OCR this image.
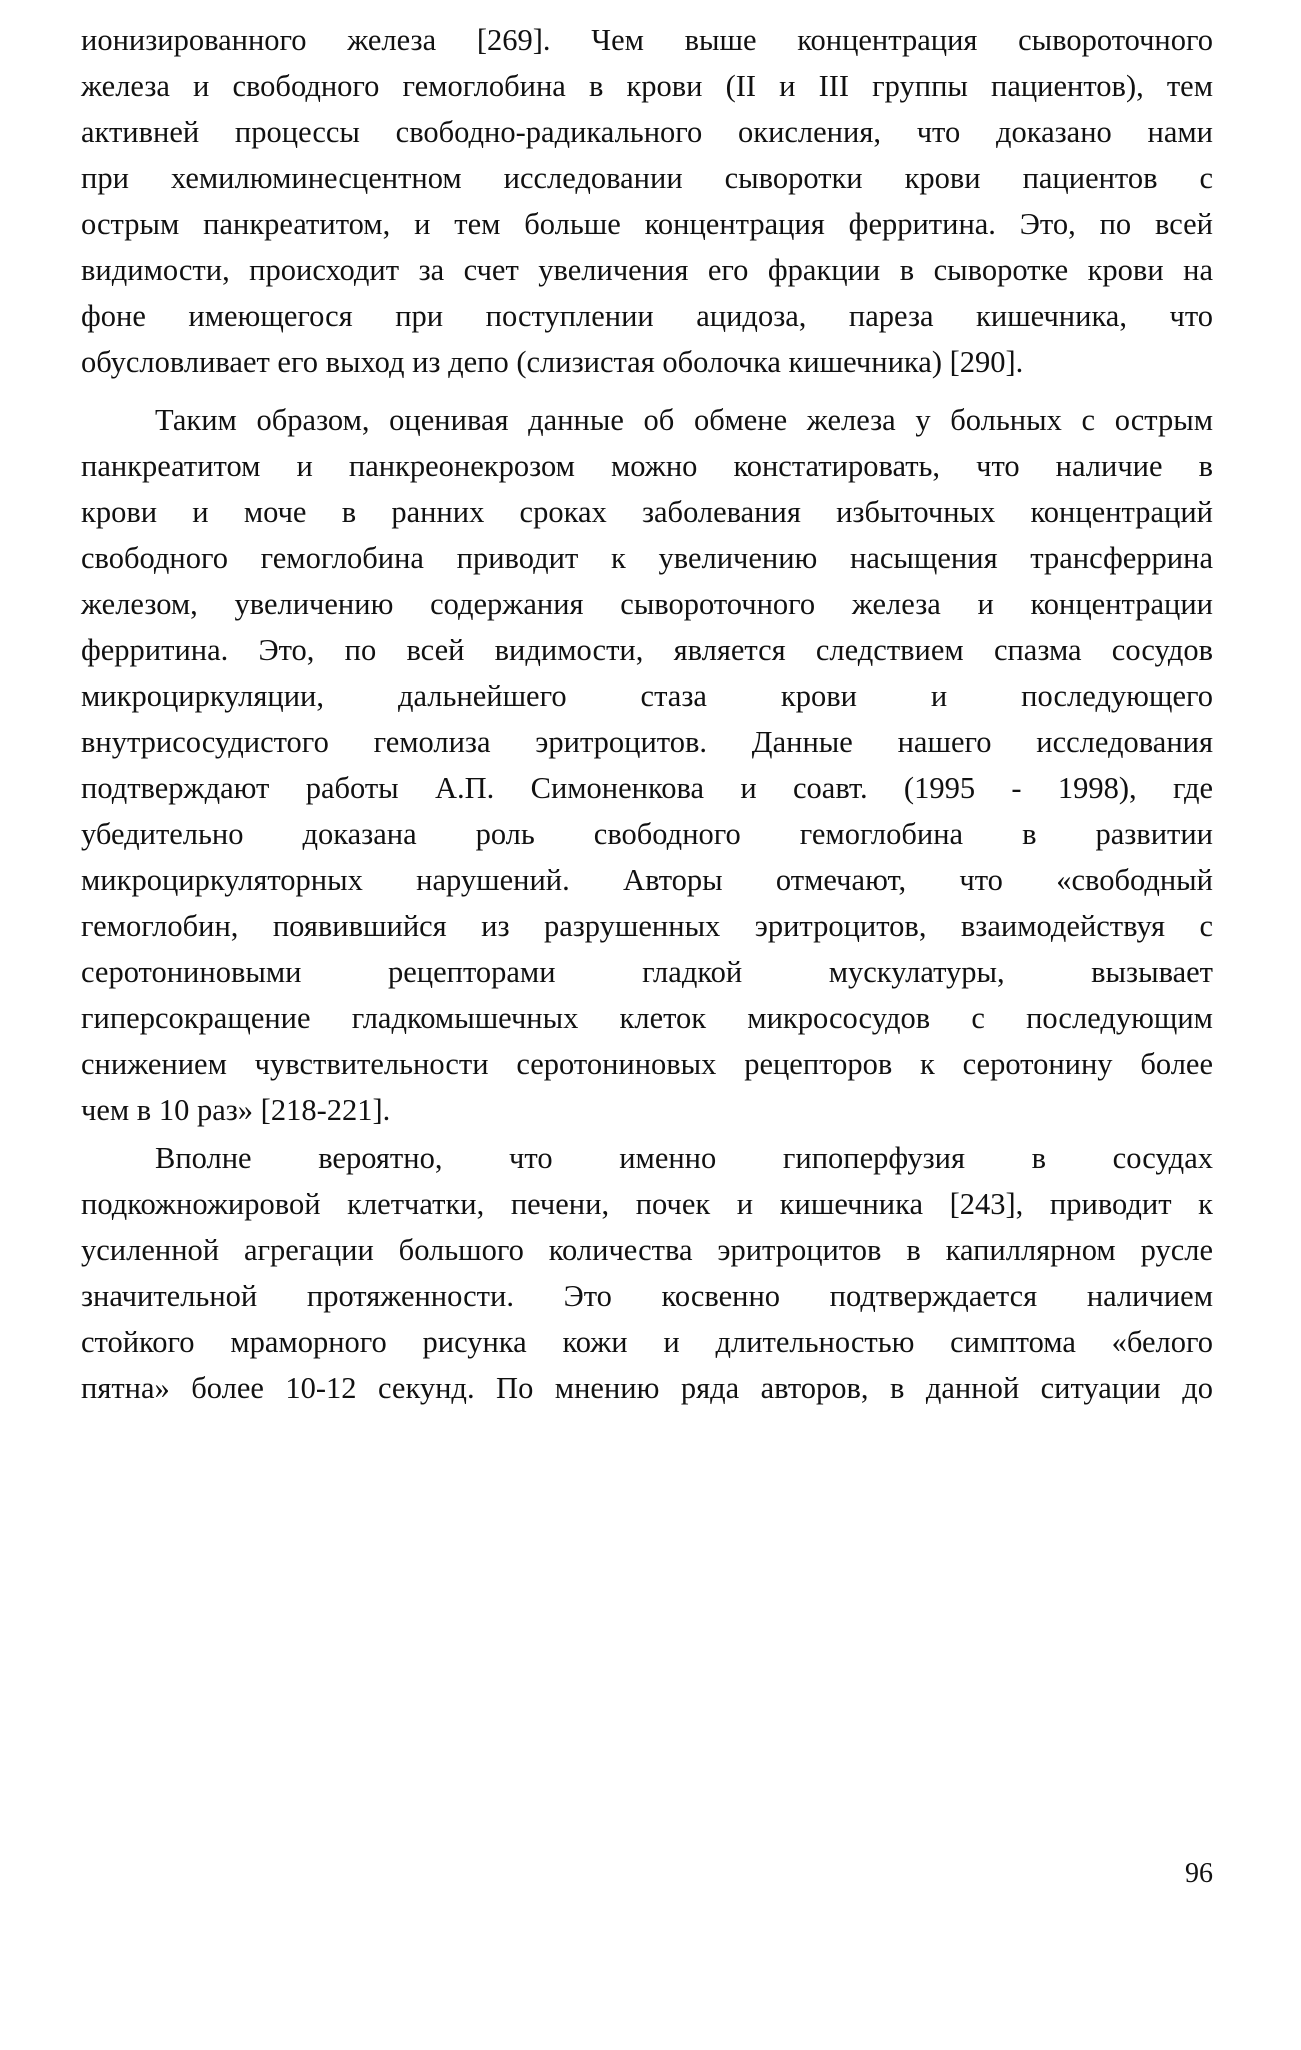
ионизированного железа [269]. Чем выше концентрация сывороточного
железа и свободного гемоглобина в крови (II и III группы пациентов), тем
активней процессы свободно-радикального окисления, что доказано нами
при хемилюминесцентном исследовании сыворотки крови пациентов с
острым панкреатитом, и тем больше концентрация ферритина. Это, по всей
видимости, происходит за счет увеличения его фракции в сыворотке крови на
фоне имеющегося при поступлении ацидоза, пареза кишечника, что
обусловливает его выход из депо (слизистая оболочка кишечника) [290].
Таким образом, оценивая данные об обмене железа у больных с острым
панкреатитом и панкреонекрозом можно констатировать, что наличие в
крови и моче в ранних сроках заболевания избыточных концентраций
свободного гемоглобина приводит к увеличению насыщения трансферрина
железом, увеличению содержания сывороточного железа и концентрации
ферритина. Это, по всей видимости, является следствием спазма сосудов
микроциркуляции, дальнейшего стаза крови и последующего
внутрисосудистого гемолиза эритроцитов. Данные нашего исследования
подтверждают работы А.П. Симоненкова и соавт. (1995 - 1998), где
убедительно доказана роль свободного гемоглобина в развитии
микроциркуляторных нарушений. Авторы отмечают, что «свободный
гемоглобин, появившийся из разрушенных эритроцитов, взаимодействуя с
серотониновыми рецепторами гладкой мускулатуры, вызывает
гиперсокращение гладкомышечных клеток микрососудов с последующим
снижением чувствительности серотониновых рецепторов к серотонину более
чем в 10 раз» [218-221].
Вполне вероятно, что именно гипоперфузия в сосудах
подкожножировой клетчатки, печени, почек и кишечника [243], приводит к
усиленной агрегации большого количества эритроцитов в капиллярном русле
значительной протяженности. Это косвенно подтверждается наличием
стойкого мраморного рисунка кожи и длительностью симптома «белого
пятна» более 10-12 секунд. По мнению ряда авторов, в данной ситуации до
96
